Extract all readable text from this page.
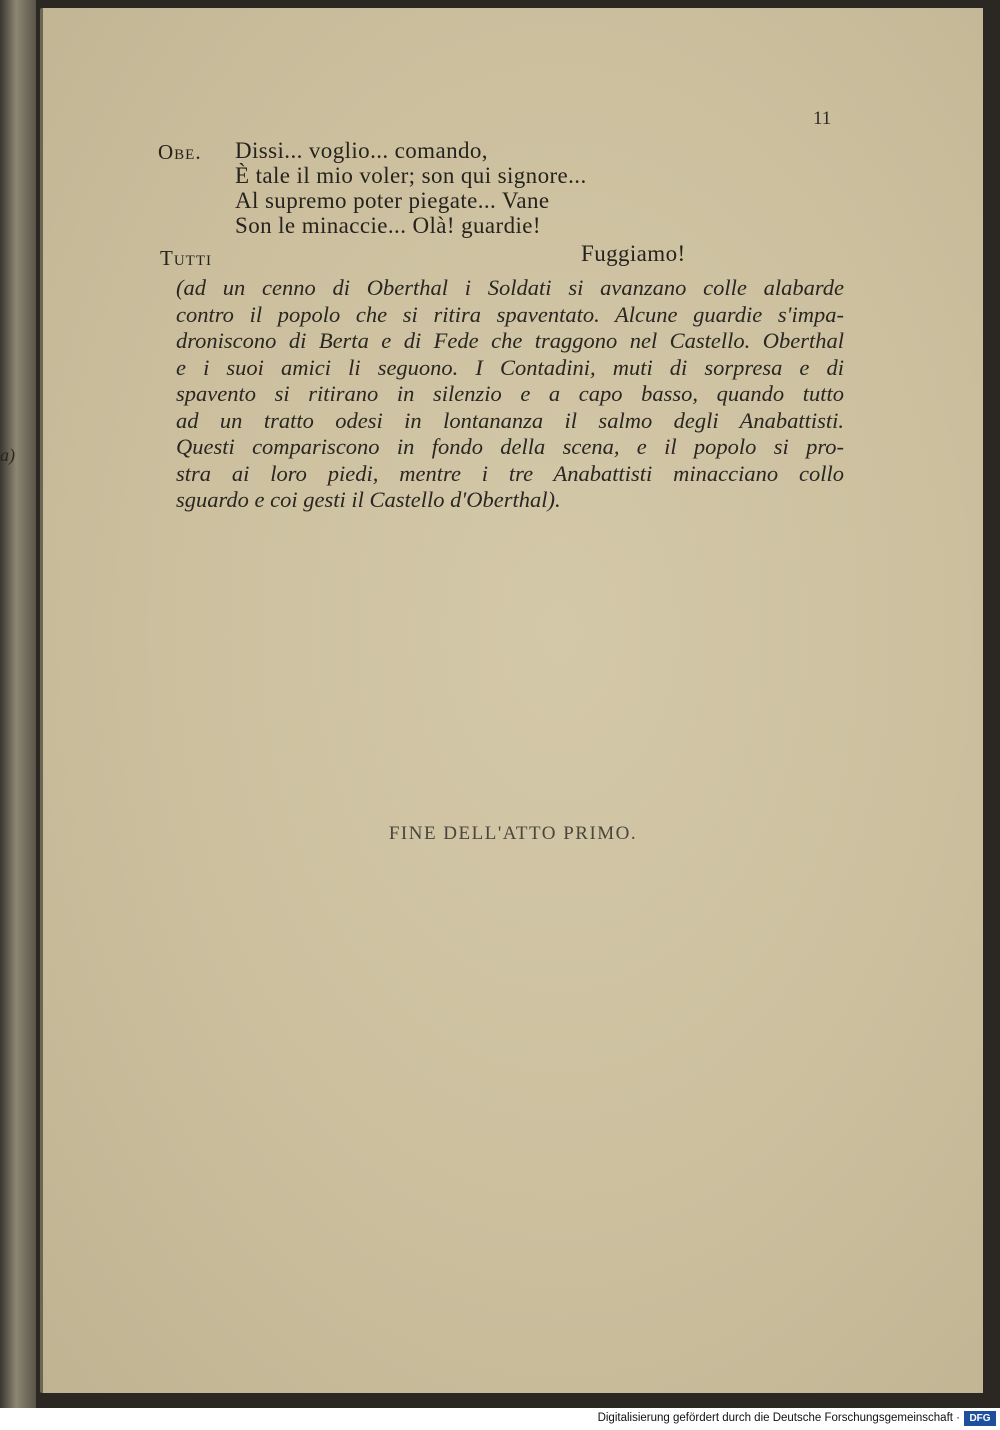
a)
11
Obe. Dissi... voglio... comando,
È tale il mio voler; son qui signore...
Al supremo poter piegate... Vane
Son le minaccie... Olà! guardie!
Tutti	Fuggiamo!
(ad un cenno di Oberthal i Soldati si avanzano colle alabarde
contro il popolo che si ritira spaventato. Alcune guardie s'impa-
droniscono di Berta e di Fede che traggono nel Castello. Oberthal
e i suoi amici li seguono. I Contadini, muti di sorpresa e di
spavento si ritirano in silenzio e a capo basso, quando tutto
ad un tratto odesi in lontananza il salmo degli Anabattisti.
Questi compariscono in fondo della scena, e il popolo si pro-
stra ai loro piedi, mentre i tre Anabattisti minacciano collo
sguardo e coi gesti il Castello d'Oberthal).
FINE DELL'ATTO PRIMO.
Digitalisierung gefördert durch die Deutsche Forschungsgemeinschaft · DFG
